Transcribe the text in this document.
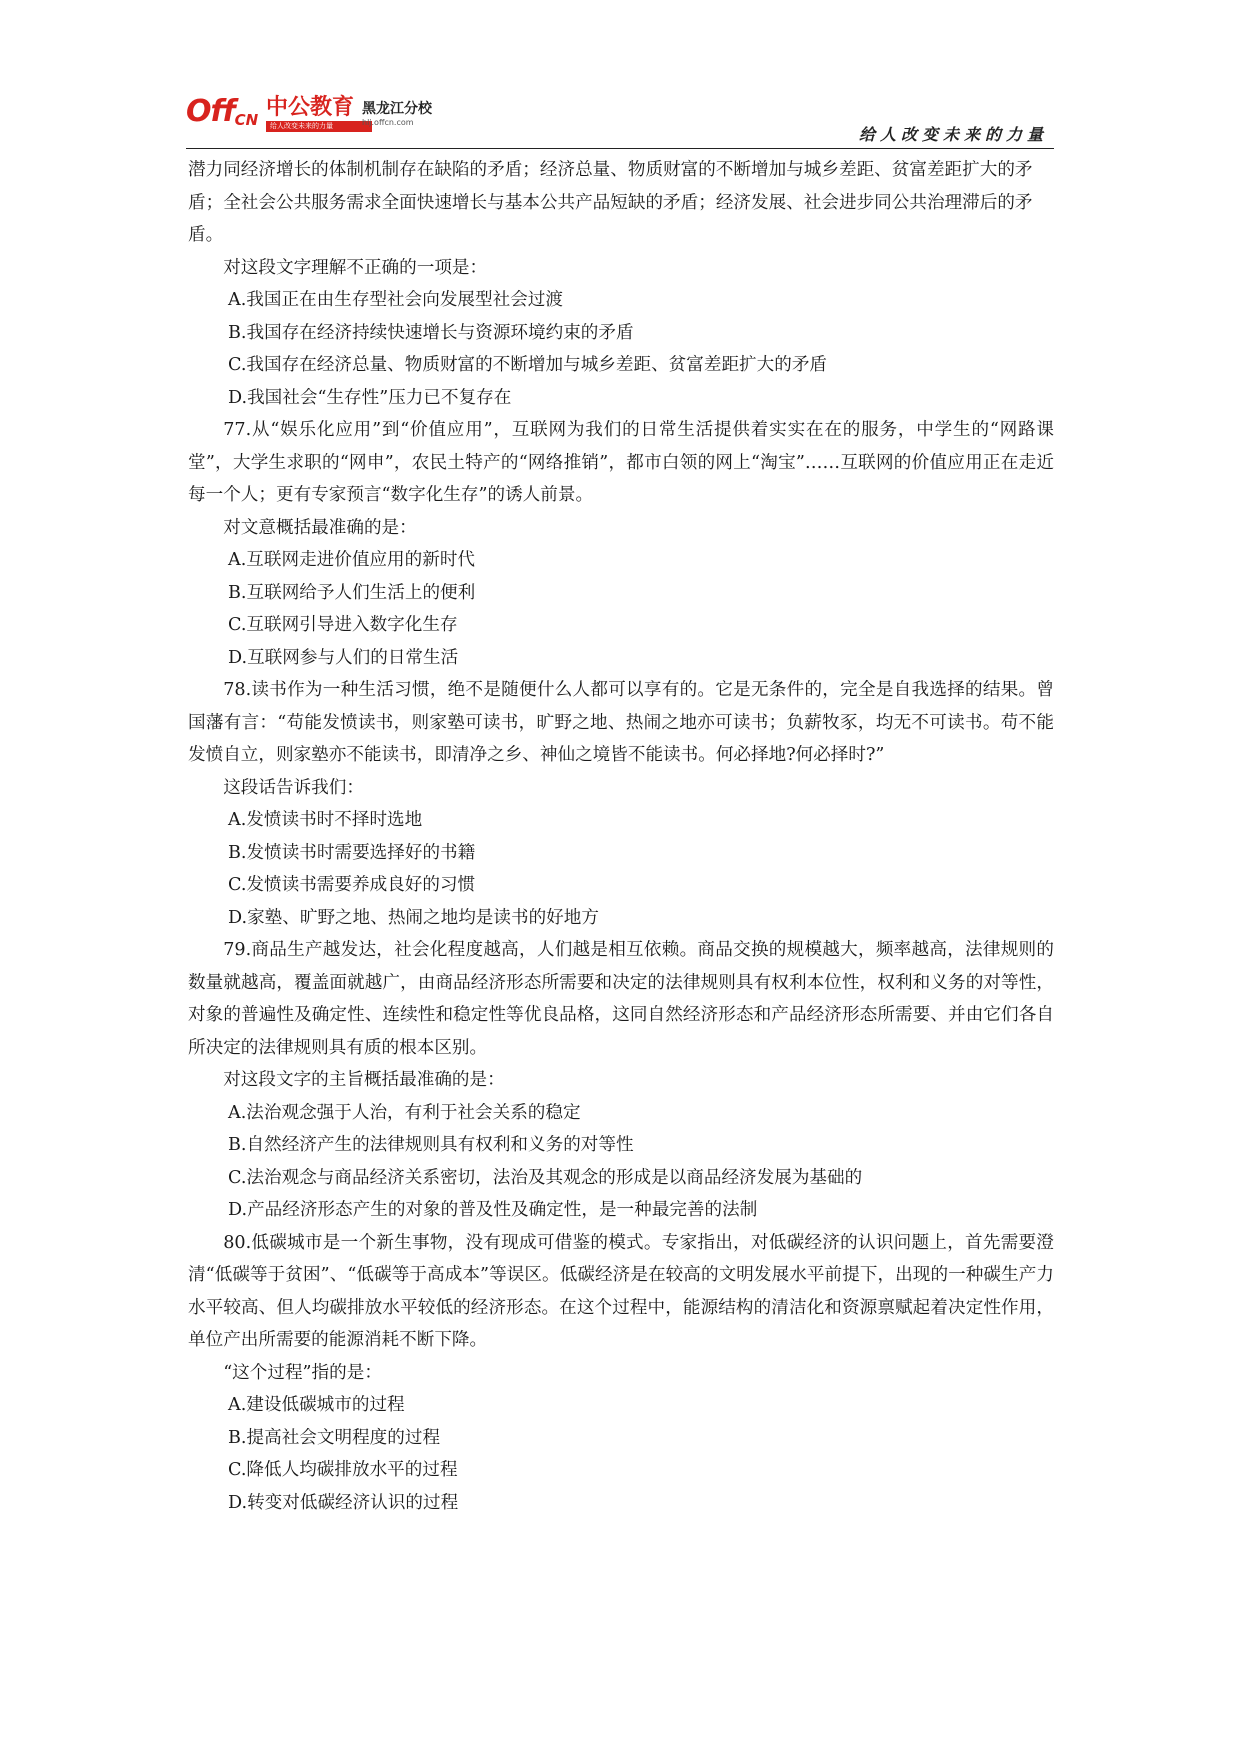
OffCN 中公教育
给人改变未来的力量
黑龙江分校
hlj.offcn.com
给人改变未来的力量

潜力同经济增长的体制机制存在缺陷的矛盾；经济总量、物质财富的不断增加与城乡差距、贫富差距扩大的矛盾；全社会公共服务需求全面快速增长与基本公共产品短缺的矛盾；经济发展、社会进步同公共治理滞后的矛盾。

对这段文字理解不正确的一项是：

A.我国正在由生存型社会向发展型社会过渡

B.我国存在经济持续快速增长与资源环境约束的矛盾

C.我国存在经济总量、物质财富的不断增加与城乡差距、贫富差距扩大的矛盾

D.我国社会“生存性”压力已不复存在

77.从“娱乐化应用”到“价值应用”，互联网为我们的日常生活提供着实实在在的服务，中学生的“网路课堂”，大学生求职的“网申”，农民土特产的“网络推销”，都市白领的网上“淘宝”……互联网的价值应用正在走近每一个人；更有专家预言“数字化生存”的诱人前景。

对文意概括最准确的是：

A.互联网走进价值应用的新时代

B.互联网给予人们生活上的便利

C.互联网引导进入数字化生存

D.互联网参与人们的日常生活

78.读书作为一种生活习惯，绝不是随便什么人都可以享有的。它是无条件的，完全是自我选择的结果。曾国藩有言：“苟能发愤读书，则家塾可读书，旷野之地、热闹之地亦可读书；负薪牧豕，均无不可读书。苟不能发愤自立，则家塾亦不能读书，即清净之乡、神仙之境皆不能读书。何必择地?何必择时?”

这段话告诉我们：

A.发愤读书时不择时选地

B.发愤读书时需要选择好的书籍

C.发愤读书需要养成良好的习惯

D.家塾、旷野之地、热闹之地均是读书的好地方

79.商品生产越发达，社会化程度越高，人们越是相互依赖。商品交换的规模越大，频率越高，法律规则的数量就越高，覆盖面就越广，由商品经济形态所需要和决定的法律规则具有权利本位性，权利和义务的对等性，对象的普遍性及确定性、连续性和稳定性等优良品格，这同自然经济形态和产品经济形态所需要、并由它们各自所决定的法律规则具有质的根本区别。

对这段文字的主旨概括最准确的是：

A.法治观念强于人治，有利于社会关系的稳定

B.自然经济产生的法律规则具有权利和义务的对等性

C.法治观念与商品经济关系密切，法治及其观念的形成是以商品经济发展为基础的

D.产品经济形态产生的对象的普及性及确定性，是一种最完善的法制

80.低碳城市是一个新生事物，没有现成可借鉴的模式。专家指出，对低碳经济的认识问题上，首先需要澄清“低碳等于贫困”、“低碳等于高成本”等误区。低碳经济是在较高的文明发展水平前提下，出现的一种碳生产力水平较高、但人均碳排放水平较低的经济形态。在这个过程中，能源结构的清洁化和资源禀赋起着决定性作用，单位产出所需要的能源消耗不断下降。

“这个过程”指的是：

A.建设低碳城市的过程

B.提高社会文明程度的过程

C.降低人均碳排放水平的过程

D.转变对低碳经济认识的过程
